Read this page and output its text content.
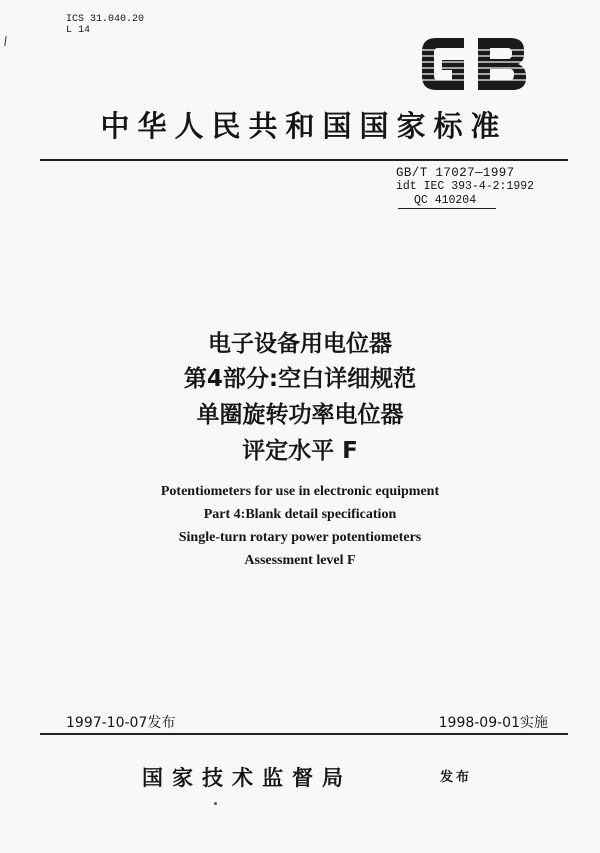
ICS 31.040.20
L 14
中华人民共和国国家标准
GB/T 17027—1997
idt IEC 393-4-2:1992
QC 410204
电子设备用电位器
第4部分:空白详细规范
单圈旋转功率电位器
评定水平 F
Potentiometers for use in electronic equipment
Part 4:Blank detail specification
Single-turn rotary power potentiometers
Assessment level F
1997-10-07发布	1998-09-01实施
国家技术监督局	发布
